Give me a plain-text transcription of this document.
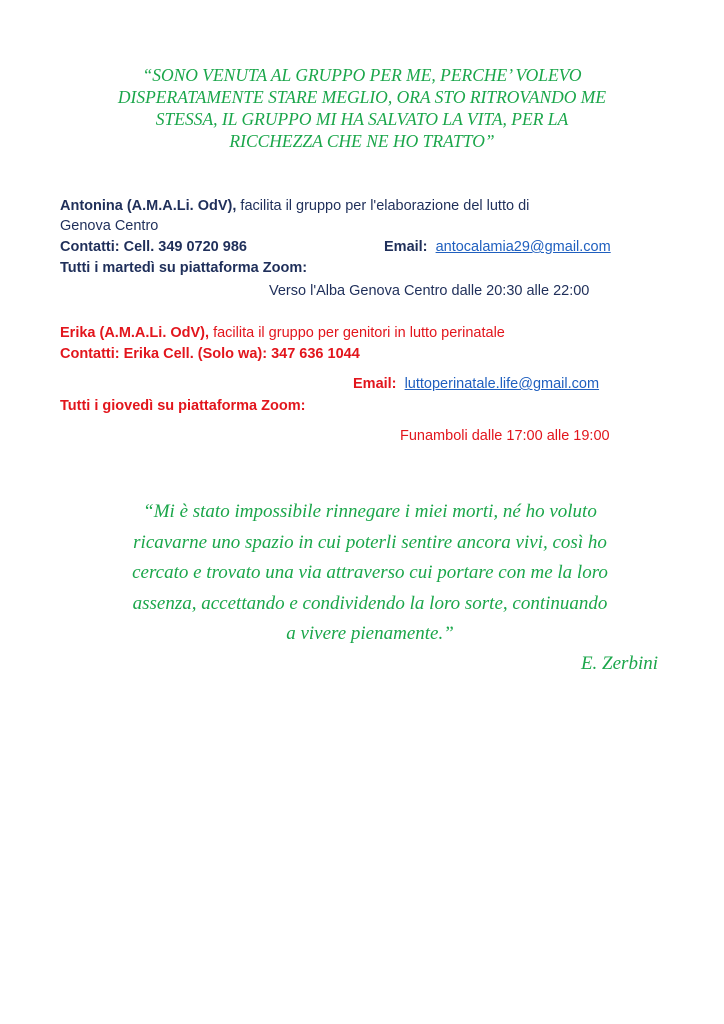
“SONO VENUTA AL GRUPPO PER ME, PERCHE’ VOLEVO
DISPERATAMENTE STARE MEGLIO, ORA STO RITROVANDO ME
STESSA, IL GRUPPO MI HA SALVATO LA VITA, PER LA
RICCHEZZA CHE NE HO TRATTO”
Antonina (A.M.A.Li. OdV), facilita il gruppo per l'elaborazione del lutto di
Genova Centro
Contatti: Cell. 349 0720 986	Email: antocalamia29@gmail.com
Tutti i martedì su piattaforma Zoom:
Verso l'Alba Genova Centro dalle 20:30 alle 22:00
Erika (A.M.A.Li. OdV), facilita il gruppo per genitori in lutto perinatale
Contatti: Erika Cell. (Solo wa): 347 636 1044
Email: luttoperinatale.life@gmail.com
Tutti i giovedì su piattaforma Zoom:
Funamboli dalle 17:00 alle 19:00
“Mi è stato impossibile rinnegare i miei morti, né ho voluto
ricavarne uno spazio in cui poterli sentire ancora vivi, così ho
cercato e trovato una via attraverso cui portare con me la loro
assenza, accettando e condividendo la loro sorte, continuando
a vivere pienamente.”
E. Zerbini
